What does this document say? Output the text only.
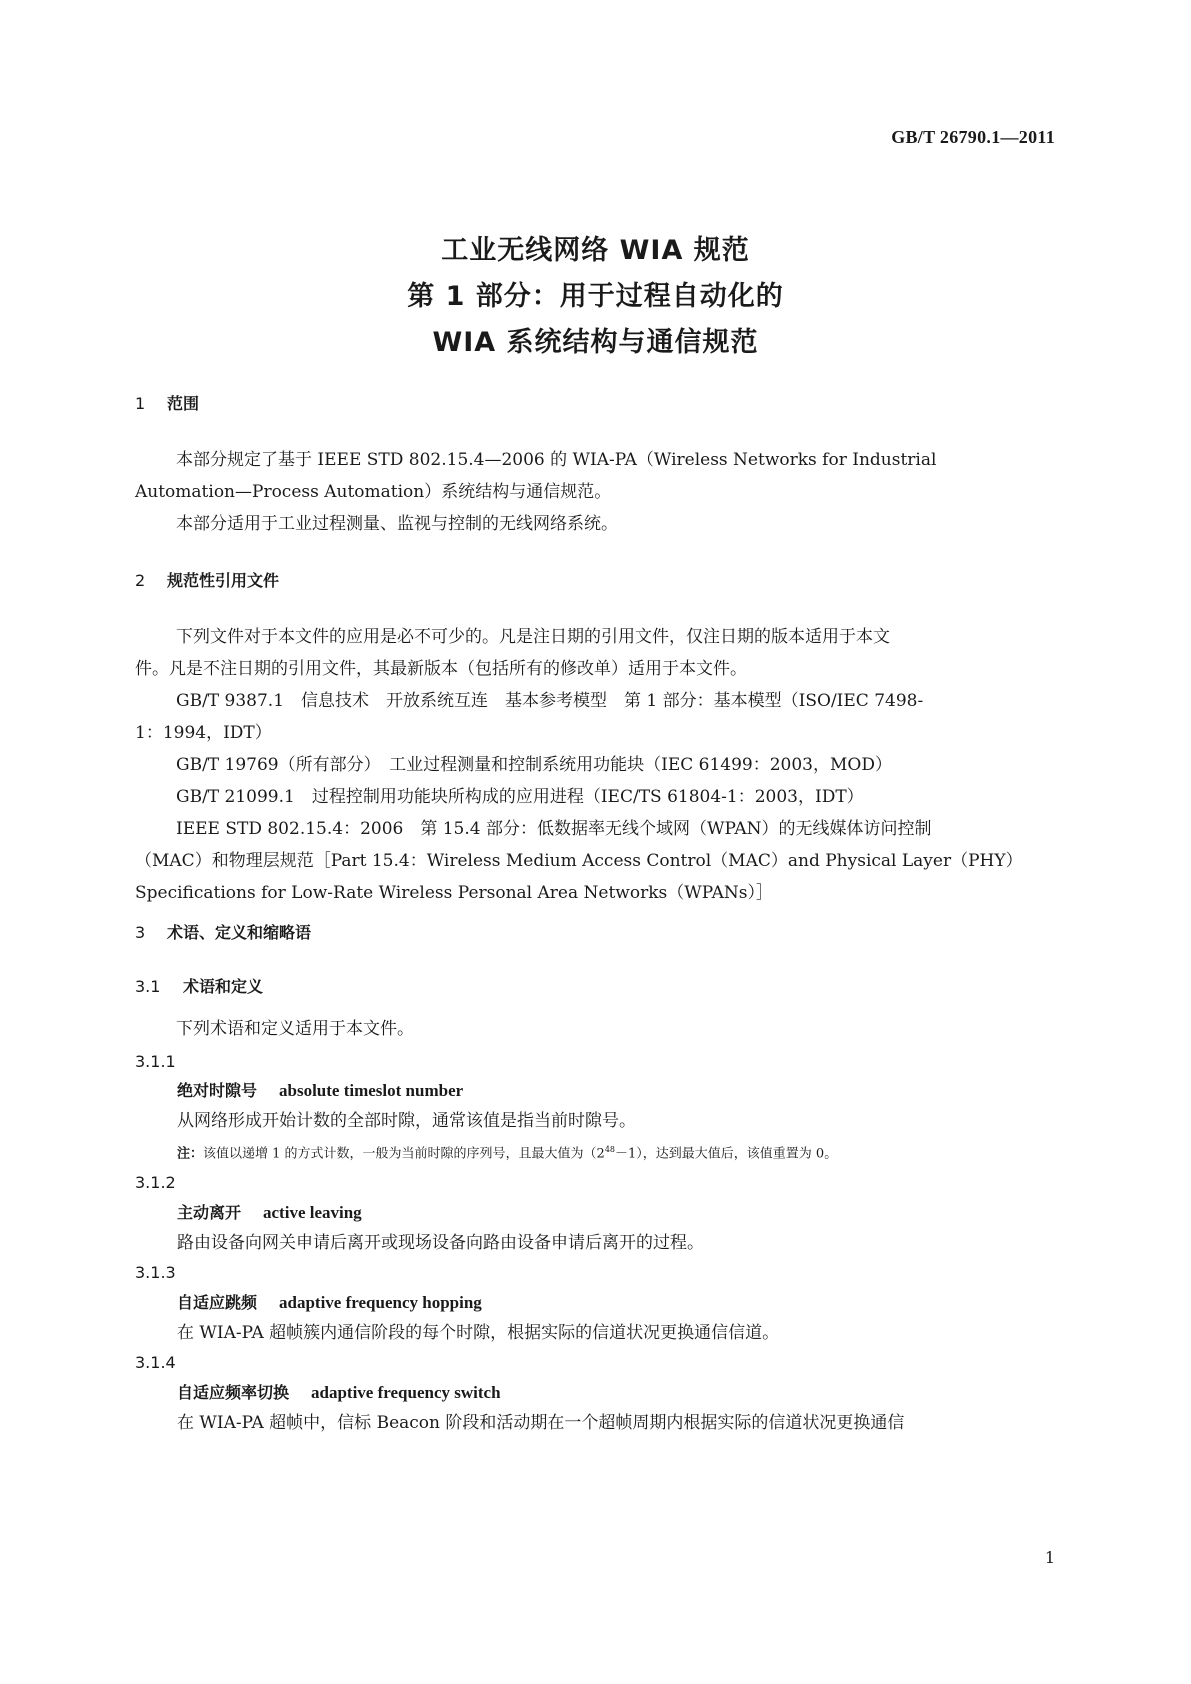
GB/T 26790.1—2011
工业无线网络 WIA 规范
第 1 部分：用于过程自动化的
WIA 系统结构与通信规范
1 范围
本部分规定了基于 IEEE STD 802.15.4—2006 的 WIA-PA（Wireless Networks for Industrial
Automation—Process Automation）系统结构与通信规范。
本部分适用于工业过程测量、监视与控制的无线网络系统。
2 规范性引用文件
下列文件对于本文件的应用是必不可少的。凡是注日期的引用文件，仅注日期的版本适用于本文
件。凡是不注日期的引用文件，其最新版本（包括所有的修改单）适用于本文件。
GB/T 9387.1　信息技术　开放系统互连　基本参考模型　第 1 部分：基本模型（ISO/IEC 7498-
1：1994，IDT）
GB/T 19769（所有部分）　工业过程测量和控制系统用功能块（IEC 61499：2003，MOD）
GB/T 21099.1　过程控制用功能块所构成的应用进程（IEC/TS 61804-1：2003，IDT）
IEEE STD 802.15.4：2006　第 15.4 部分：低数据率无线个域网（WPAN）的无线媒体访问控制
（MAC）和物理层规范［Part 15.4：Wireless Medium Access Control（MAC）and Physical Layer（PHY）
Specifications for Low-Rate Wireless Personal Area Networks（WPANs）］
3 术语、定义和缩略语
3.1 术语和定义
下列术语和定义适用于本文件。
3.1.1
绝对时隙号 absolute timeslot number
从网络形成开始计数的全部时隙，通常该值是指当前时隙号。
注：该值以递增 1 的方式计数，一般为当前时隙的序列号，且最大值为$(2^{48}-1)$，达到最大值后，该值重置为 0。
3.1.2
主动离开 active leaving
路由设备向网关申请后离开或现场设备向路由设备申请后离开的过程。
3.1.3
自适应跳频 adaptive frequency hopping
在 WIA-PA 超帧簇内通信阶段的每个时隙，根据实际的信道状况更换通信信道。
3.1.4
自适应频率切换 adaptive frequency switch
在 WIA-PA 超帧中，信标 Beacon 阶段和活动期在一个超帧周期内根据实际的信道状况更换通信
1
